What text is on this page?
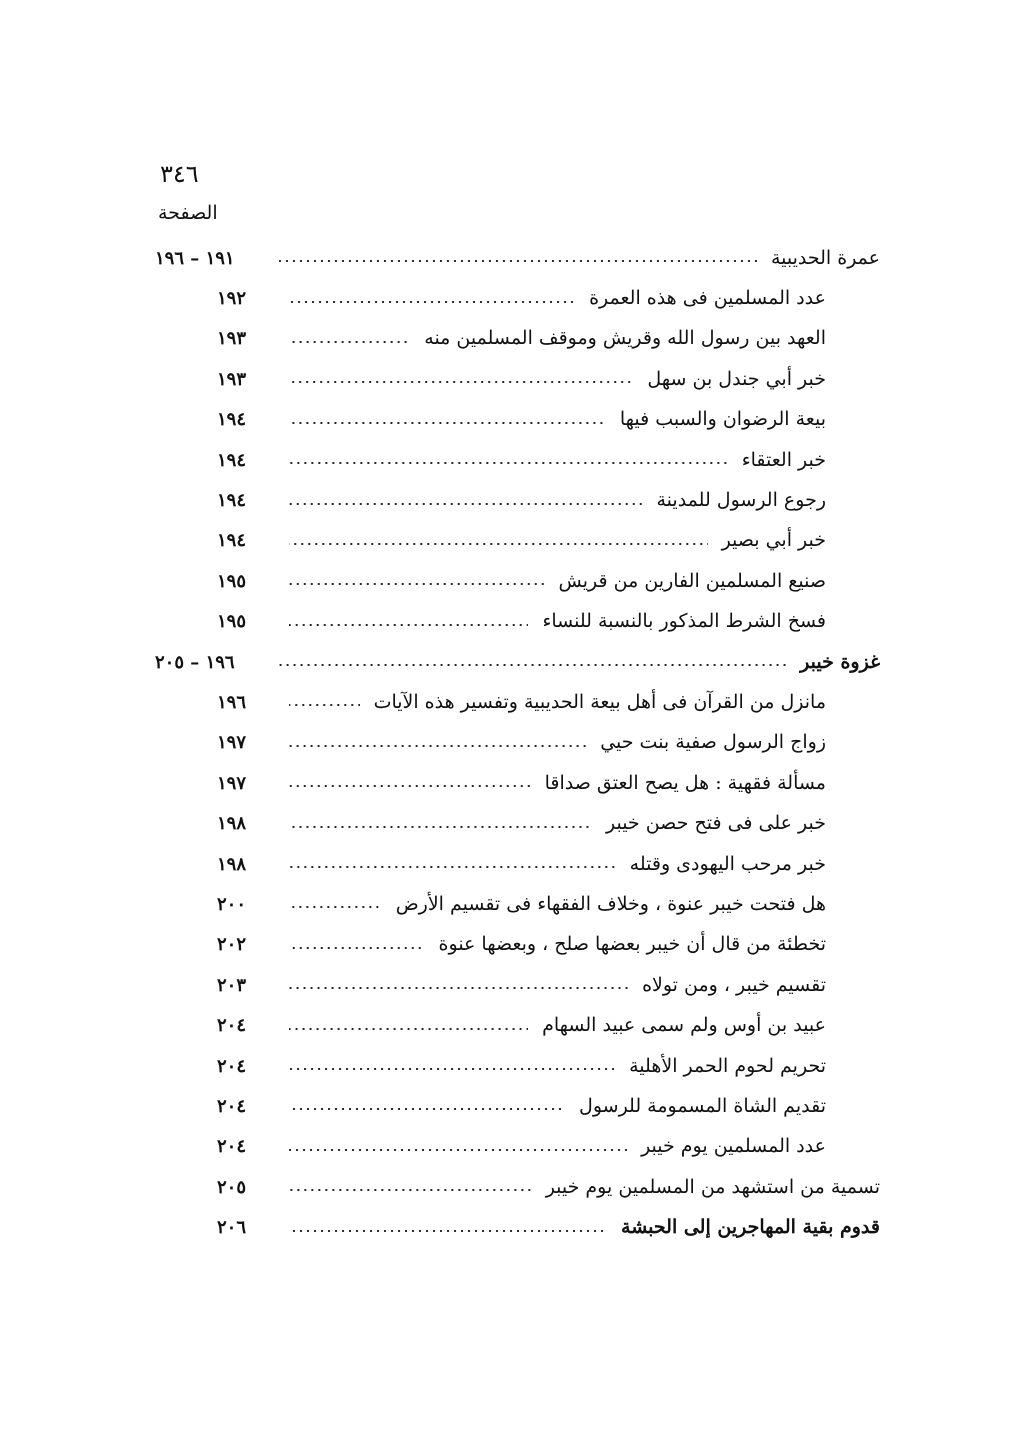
٣٤٦
الصفحة
عمرة الحديبية
١٩١ – ١٩٦
عدد المسلمين فى هذه العمرة
١٩٢
العهد بين رسول الله وقريش وموقف المسلمين منه
١٩٣
خبر أبي جندل بن سهل
١٩٣
بيعة الرضوان والسبب فيها
١٩٤
خبر العتقاء
١٩٤
رجوع الرسول للمدينة
١٩٤
خبر أبي بصير
١٩٤
صنيع المسلمين الفارين من قريش
١٩٥
فسخ الشرط المذكور بالنسبة للنساء
١٩٥
غزوة خيبر
١٩٦ – ٢٠٥
مانزل من القرآن فى أهل بيعة الحديبية وتفسير هذه الآيات
١٩٦
زواج الرسول صفية بنت حيي
١٩٧
مسألة فقهية : هل يصح العتق صداقا
١٩٧
خبر على فى فتح حصن خيبر
١٩٨
خبر مرحب اليهودى وقتله
١٩٨
هل فتحت خيبر عنوة ، وخلاف الفقهاء فى تقسيم الأرض
٢٠٠
تخطئة من قال أن خيبر بعضها صلح ، وبعضها عنوة
٢٠٢
تقسيم خيبر ، ومن تولاه
٢٠٣
عبيد بن أوس ولم سمى عبيد السهام
٢٠٤
تحريم لحوم الحمر الأهلية
٢٠٤
تقديم الشاة المسمومة للرسول
٢٠٤
عدد المسلمين يوم خيبر
٢٠٤
تسمية من استشهد من المسلمين يوم خيبر
٢٠٥
قدوم بقية المهاجرين إلى الحبشة
٢٠٦
